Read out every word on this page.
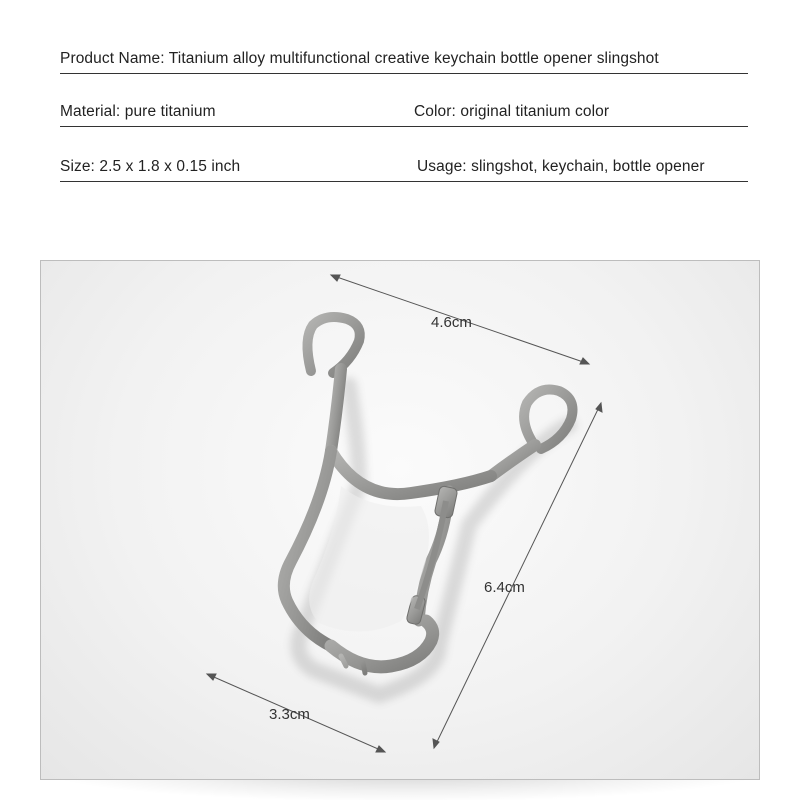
Product Name: Titanium alloy multifunctional creative keychain bottle opener slingshot
Material: pure titanium	Color: original titanium color
Size: 2.5 x 1.8 x 0.15 inch	Usage: slingshot, keychain, bottle opener
4.6cm
6.4cm
3.3cm
